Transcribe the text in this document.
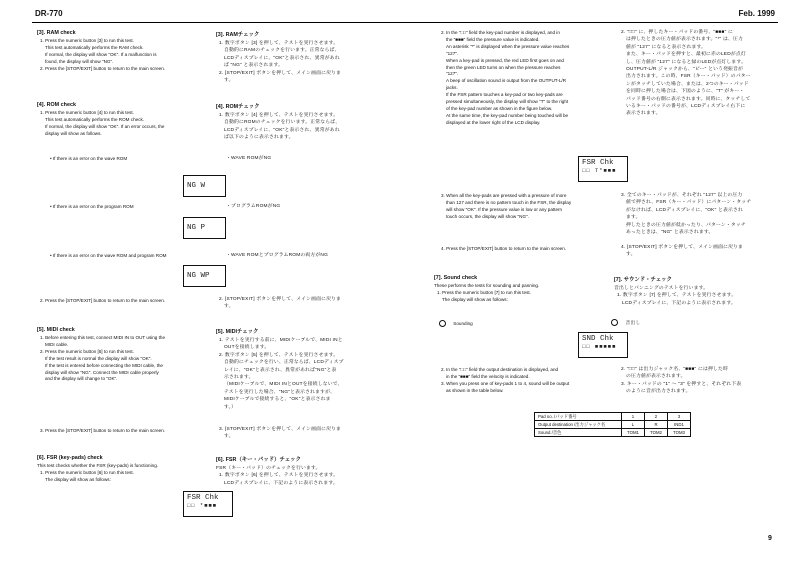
DR-770	Feb. 1999
[3]. RAM check
1. Press the numeric button [3] to run this test.
This test automatically performs the RAM check.
If normal, the display will show "OK". If a malfunction is
found, the display will show "NG".
2. Press the [STOP/EXIT] button to return to the main screen.
[3]. RAMチェック
1. 数字ボタン [3] を押して、テストを実行させます。
自動的にRAMのチェックを行います。正常ならば、
LCDディスプレイに、"OK"と表示され、異常があれ
ば "NG" と表示されます。
2. [STOP/EXIT] ボタンを押して、メイン画面に戻りま
す。
[4]. ROM check
1. Press the numeric button [4] to run this test.
This test automatically performs the ROM check.
If normal, the display will show "OK". If an error occurs, the
display will show as follows.
[4]. ROMチェック
1. 数字ボタン [4] を押して、テストを実行させます。
自動的にROMのチェックを行います。正常ならば、
LCDディスプレイに、"OK"と表示され、異常があれ
ば以下のように表示されます。
• If there is an error on the wave ROM	・WAVE ROMがNG
NG W
• If there is an error on the program ROM	・プログラムROMがNG
NG P
• If there is an error on the wave ROM and program ROM	・WAVE ROMとプログラムROMの両方がNG
NG WP
2. Press the [STOP/EXIT] button to return to the main screen.	2. [STOP/EXIT] ボタンを押して、メイン画面に戻りま
す。
[5]. MIDI check
1. Before entering this test, connect MIDI IN to OUT using the
MIDI cable.
2. Press the numeric button [5] to run this test.
If the test result is normal the display will show "OK".
If the test is entered before connecting the MIDI cable, the
display will show "NG". Connect the MIDI cable properly
and the display will change to "OK".
[5]. MIDIチェック
1. テストを実行する前に、MIDIケーブルで、MIDI INと
OUTを接続します。
2. 数字ボタン [5] を押して、テストを実行させます。
自動的にチェックを行い、正常ならば、LCDディスプ
レイに、"OK"と表示され、異常があれば"NG"と表
示されます。
（MIDIケーブルで、MIDI INとOUTを接続しないで、
テストを実行した場合、"NG"と表示されますが、
MIDIケーブルで接続すると、"OK"と表示されま
す。）
3. Press the [STOP/EXIT] button to return to the main screen.	3. [STOP/EXIT] ボタンを押して、メイン画面に戻りま
す。
[6]. FSR (key-pads) check
This test checks whether the FSR (key-pads) is functioning.
1. Press the numeric button [6] to run this test.
The display will show as follows:
[6]. FSR（キー・パッド）チェック
FSR（キー・パッド）のチェックを行います。
1. 数字ボタン [6] を押して、テストを実行させます。
LCDディスプレイに、下記のように表示されます。
FSR Chk
□□ *■■■
2. In the "□□" field the key-pad number is displayed, and in
the "■■■" field the pressure value is indicated.
An asterisk "*" is displayed when the pressure value reaches
"127".
When a key-pad is pressed, the red LED first goes on and
then the green LED turns on when the pressure reaches
"127".
A beep of oscillation sound is output from the OUTPUT-L/R
jacks.
If the FSR pattern touches a key-pad or two key-pads are
pressed simultaneously, the display will show "T" to the right
of the key-pad number as shown in the figure below.
At the same time, the key-pad number being touched will be
displayed at the lower right of the LCD display.
2. "□□" に、押したキー・パッドの番号、"■■■" に
は押したときの圧力値が表示されます。"*" は、圧力
値が "127" になると表示されます。
また、キー・パッドを押すと、最初に赤のLEDが点灯
し、圧力値が "127" になると緑のLEDが点灯します。
OUTPUT-L/R ジャックから、"ピー" という発振音が
出力されます。この時、FSR（キー・パッド）のパター
ンがタッチしていた場合、または、2つのキー・パッド
を同時に押した場合は、下図のように、"T" がキー・
パッド番号の右側に表示されます。同時に、タッチして
いるキー・パッドの番号が、LCDディスプレイ右下に
表示されます。
FSR Chk
□□ T*■■■
3. When all the key-pads are pressed with a pressure of more
than 127 and there is no pattern touch in the FSR, the display
will show "OK". If the pressure value is low or any pattern
touch occurs, the display will show "NG".
3. 全てのキー・パッドが、それぞれ "127" 以上の圧力
値で押され、FSR（キー・パッド）にパターン・タッチ
がなければ、LCDディスプレイに、"OK" と表示され
ます。
押したときの圧力値が低かったり、パターン・タッチ
あったときは、"NG" と表示されます。
4. Press the [STOP/EXIT] button to return to the main screen.	4. [STOP/EXIT] ボタンを押して、メイン画面に戻りま
す。
[7]. Sound check
These performs the tests for sounding and panning.
1. Press the numeric button [7] to run this test.
The display will show as follows:
[7]. サウンド・チェック
音出しとパンニングのテストを行います。
1. 数字ボタン [7] を押して、テストを実行させます。
LCDディスプレイに、下記のように表示されます。
Sounding	音出し
SND Chk
□□ ■■■■■
2. In the "□□" field the output destination is displayed, and
in the "■■■" field the velocity is indicated.
3. When you press one of key-pads 1 to 4, sound will be output
as shown in the table below.
2. "□□" は出力ジャック名、"■■■" には押した時
の圧力値が表示されます。
3. キー・パッドの "1" ～ "3" を押すと、それぞれ下表
のように音が出力されます。
Pad no. /パッド番号	1	2	3
Output destination /出力ジャック名	L	R	IND1
Sound /音色	TOM1	TOM2	TOM3
9
